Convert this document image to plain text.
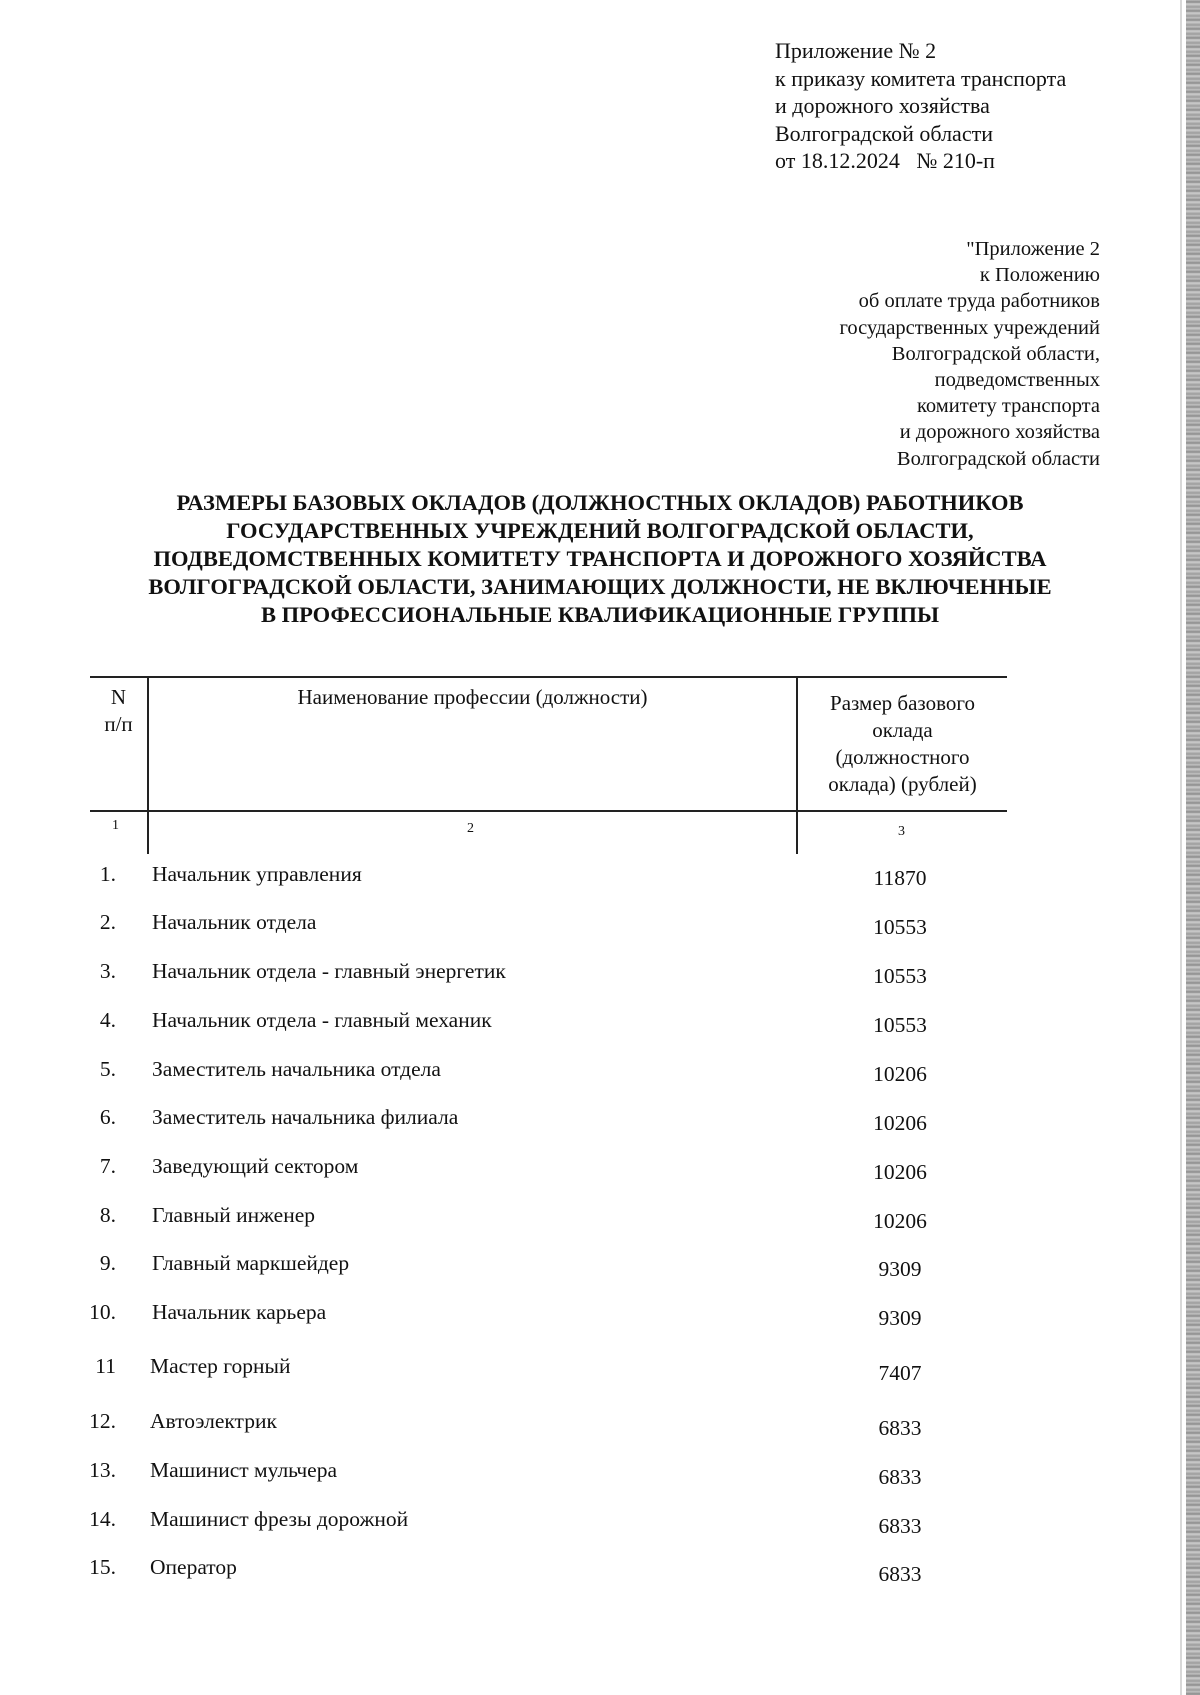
Приложение № 2
к приказу комитета транспорта
и дорожного хозяйства
Волгоградской области
от 18.12.2024   № 210-п
"Приложение 2
к Положению
об оплате труда работников
государственных учреждений
Волгоградской области,
подведомственных
комитету транспорта
и дорожного хозяйства
Волгоградской области
РАЗМЕРЫ БАЗОВЫХ ОКЛАДОВ (ДОЛЖНОСТНЫХ ОКЛАДОВ) РАБОТНИКОВ
ГОСУДАРСТВЕННЫХ УЧРЕЖДЕНИЙ ВОЛГОГРАДСКОЙ ОБЛАСТИ,
ПОДВЕДОМСТВЕННЫХ КОМИТЕТУ ТРАНСПОРТА И ДОРОЖНОГО ХОЗЯЙСТВА
ВОЛГОГРАДСКОЙ ОБЛАСТИ, ЗАНИМАЮЩИХ ДОЛЖНОСТИ, НЕ ВКЛЮЧЕННЫЕ
В ПРОФЕССИОНАЛЬНЫЕ КВАЛИФИКАЦИОННЫЕ ГРУППЫ
N
п/п
Наименование профессии (должности)	Размер базового
оклада
(должностного
оклада) (рублей)
1	2	3
1. Начальник управления	11870
2. Начальник отдела	10553
3. Начальник отдела - главный энергетик	10553
4. Начальник отдела - главный механик	10553
5. Заместитель начальника отдела	10206
6. Заместитель начальника филиала	10206
7. Заведующий сектором	10206
8. Главный инженер	10206
9. Главный маркшейдер	9309
10. Начальник карьера	9309
11 Мастер горный	7407
12. Автоэлектрик	6833
13. Машинист мульчера	6833
14. Машинист фрезы дорожной	6833
15. Оператор	6833
